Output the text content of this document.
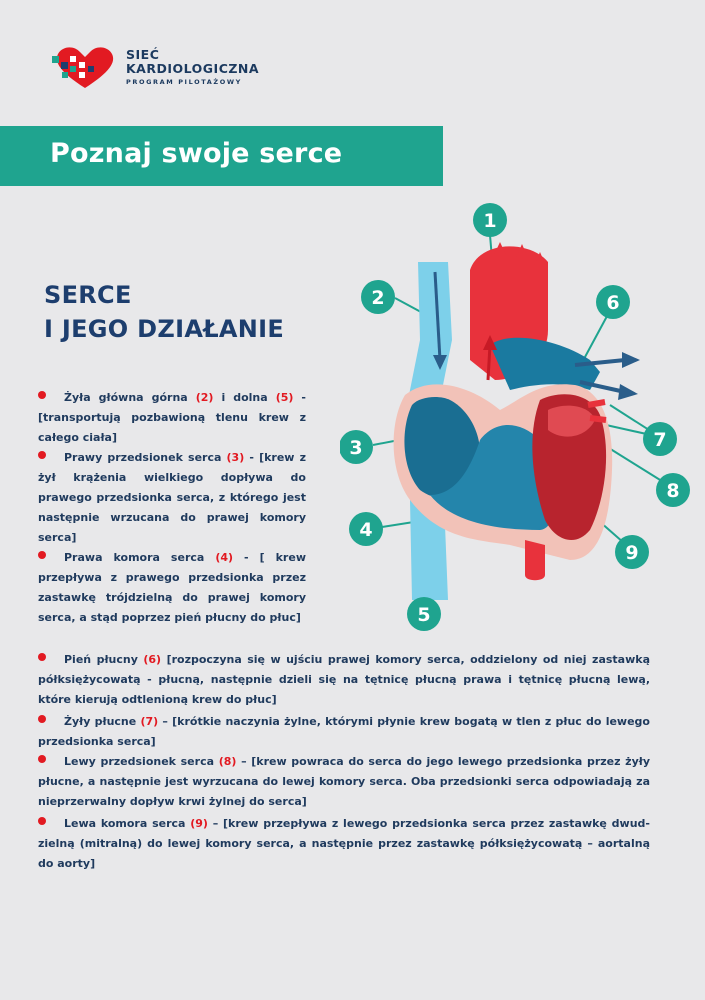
SIEĆ
KARDIOLOGICZNA
PROGRAM PILOTAŻOWY
Poznaj swoje serce
SERCE
I JEGO DZIAŁANIE
1
2
3
4
5
6
7
8
9
Żyła główna górna (2) i dolna (5) - [transportują pozbawioną tlenu krew z całego ciała]
Prawy przedsionek serca (3) - [krew z żył krążenia wielkiego dopływa do prawego przedsionka serca, z którego jest następnie wrzucana do prawej komory serca]
Prawa komora serca (4) - [ krew przepływa z prawego przedsionka przez zastawkę trójdzielną do prawej komory serca, a stąd poprzez pień płucny do płuc]
Pień płucny (6) [rozpoczyna się w ujściu prawej komory serca, oddzielony od niej zastawką półksiężycowatą - płucną, następnie dzieli się na tętnicę płucną prawa i tętnicę płucną lewą, które kierują odtlenioną krew do płuc]
Żyły płucne (7) – [krótkie naczynia żylne, którymi płynie krew bogatą w tlen z płuc do lewego przedsionka serca]
Lewy przedsionek serca (8) – [krew powraca do serca do jego lewego przedsionka przez żyły płucne, a następnie jest wyrzucana do lewej komory serca. Oba przedsionki serca odpowiadają za nieprzerwalny dopływ krwi żylnej do serca]
Lewa komora serca (9) – [krew przepływa z lewego przedsionka serca przez zastawkę dwud-zielną (mitralną) do lewej komory serca, a następnie przez zastawkę półksiężycowatą – aortalną do aorty]
